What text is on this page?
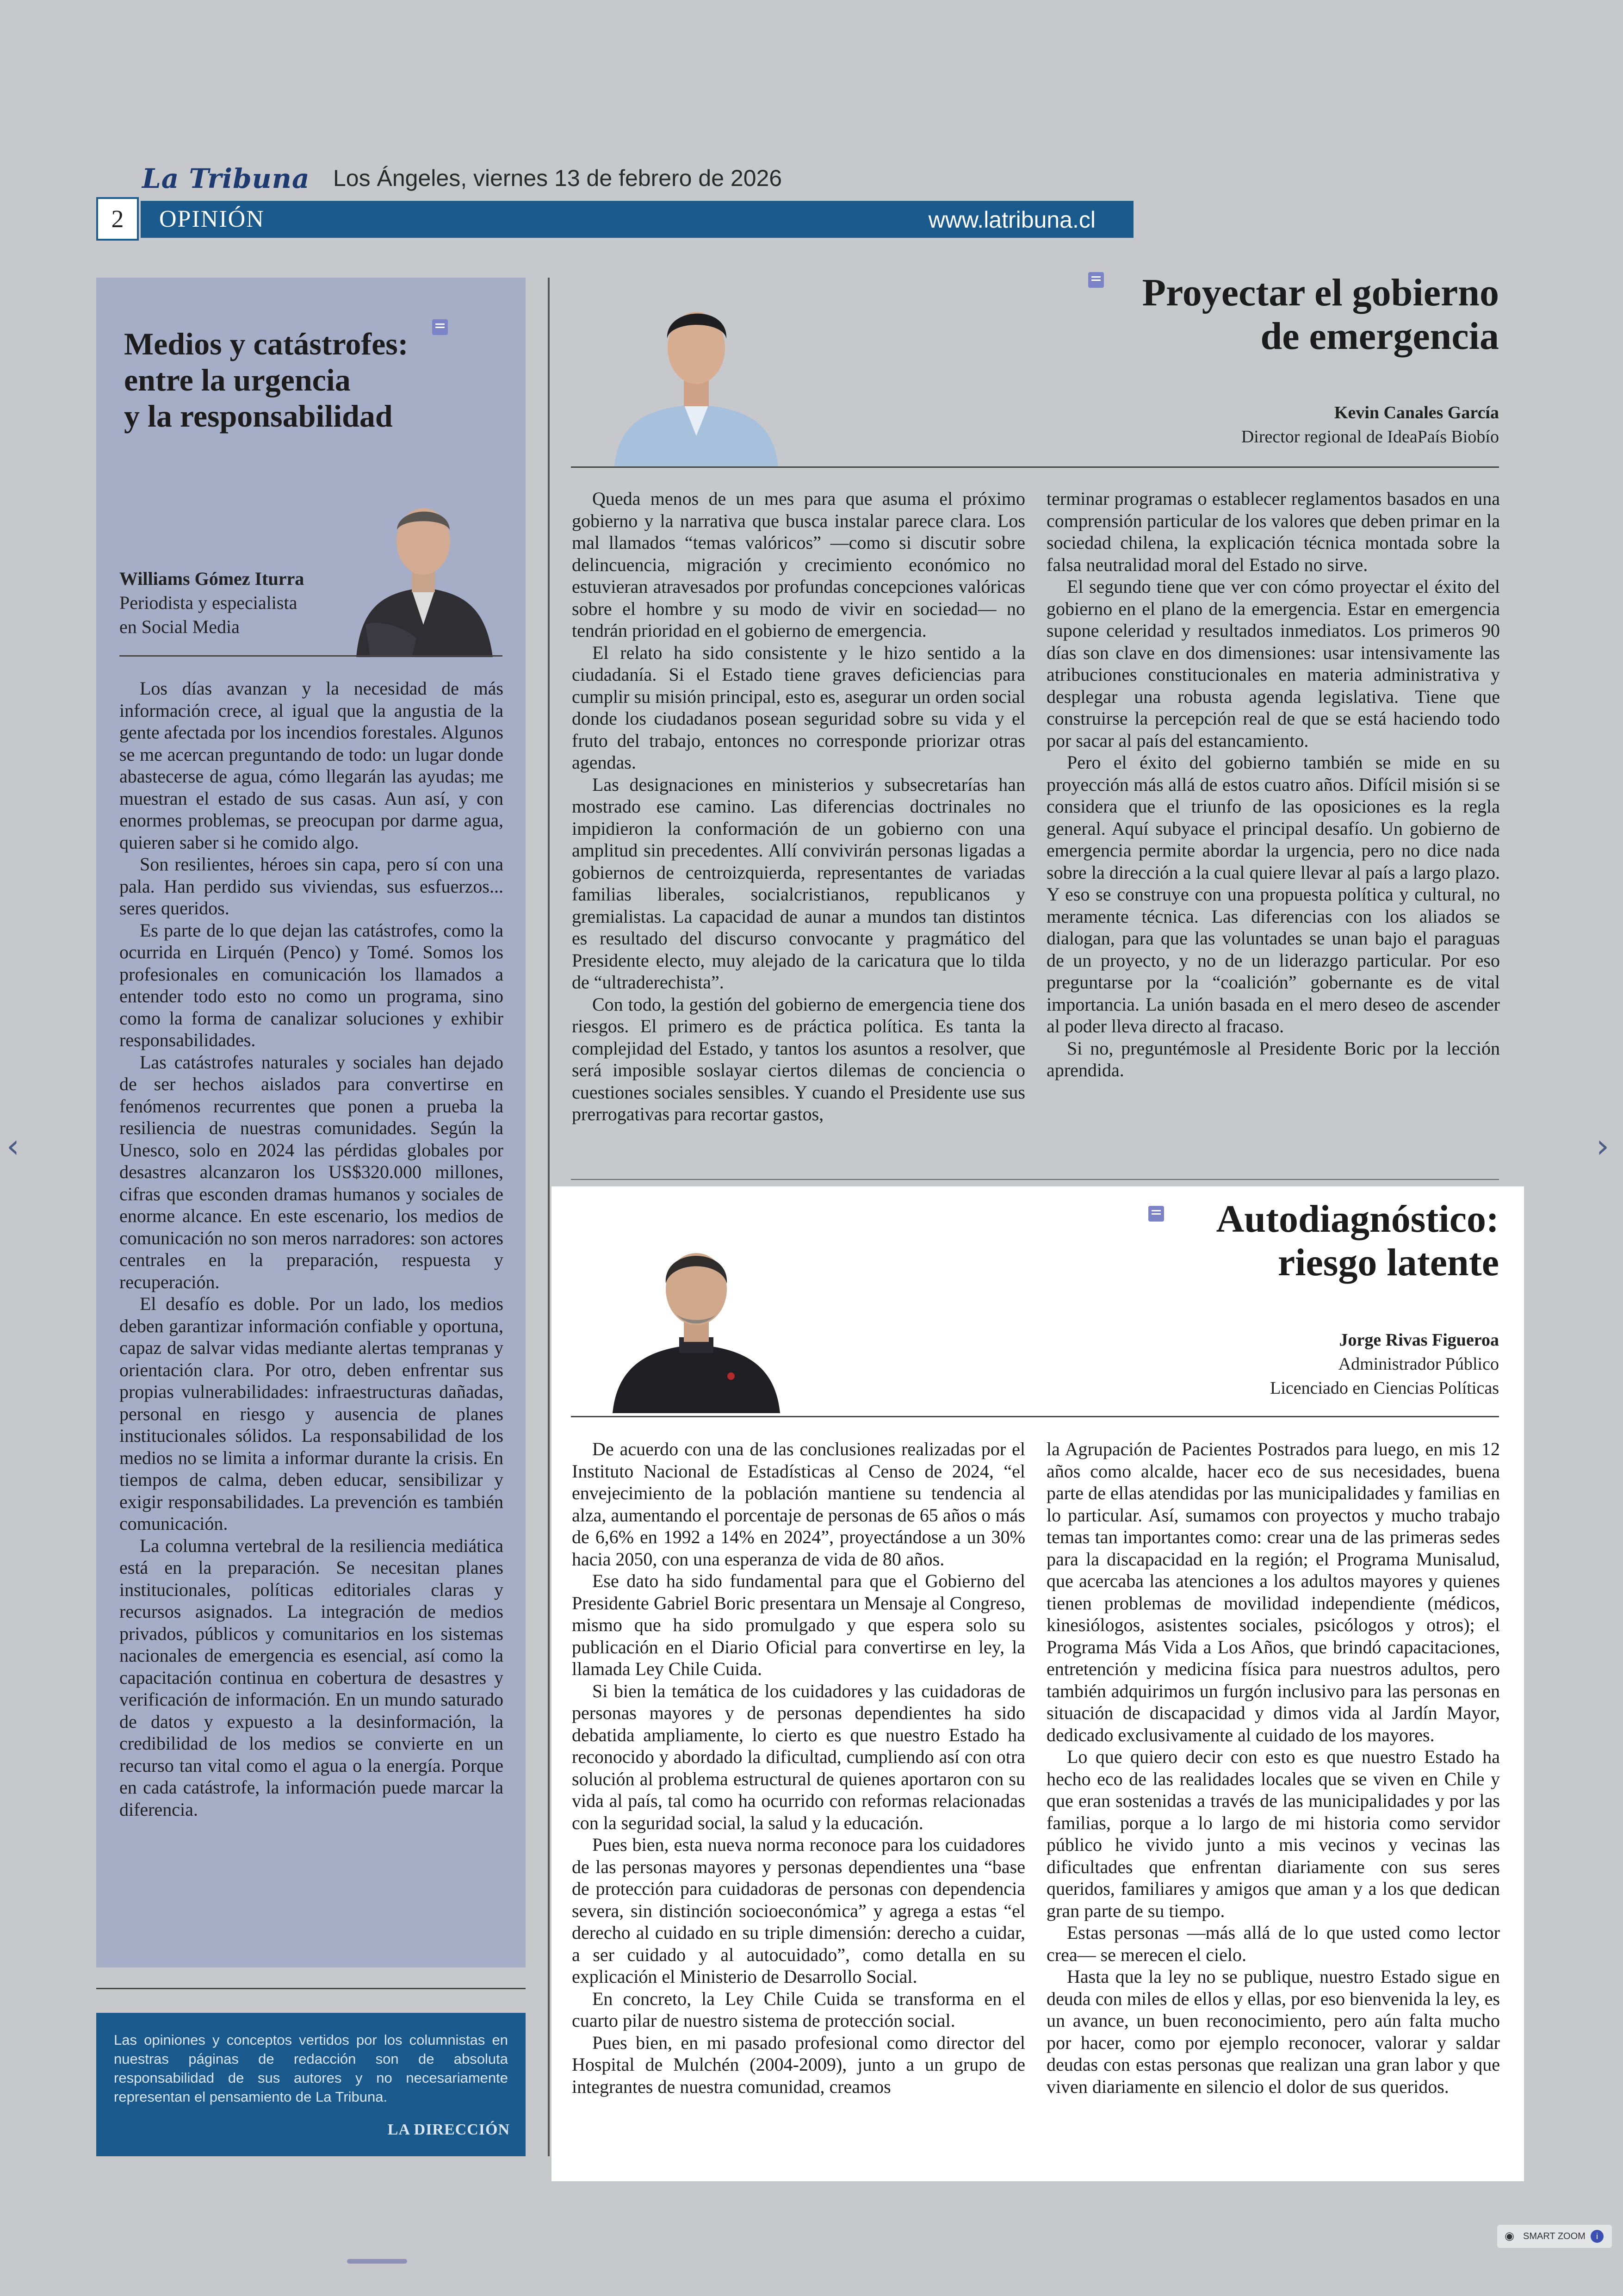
La Tribuna Los Ángeles, viernes 13 de febrero de 2026
2	OPINIÓN	www.latribuna.cl
Medios y catástrofes:
entre la urgencia
y la responsabilidad
Williams Gómez Iturra
Periodista y especialista
en Social Media

Los días avanzan y la necesidad de más información crece, al igual que la angustia de la gente afectada por los incendios forestales. Algunos se me acercan preguntando de todo: un lugar donde abastecerse de agua, cómo llegarán las ayudas; me muestran el estado de sus casas. Aun así, y con enormes problemas, se preocupan por darme agua, quieren saber si he comido algo.

Son resilientes, héroes sin capa, pero sí con una pala. Han perdido sus viviendas, sus esfuerzos... seres queridos.

Es parte de lo que dejan las catástrofes, como la ocurrida en Lirquén (Penco) y Tomé. Somos los profesionales en comunicación los llamados a entender todo esto no como un programa, sino como la forma de canalizar soluciones y exhibir responsabilidades.

Las catástrofes naturales y sociales han dejado de ser hechos aislados para convertirse en fenómenos recurrentes que ponen a prueba la resiliencia de nuestras comunidades. Según la Unesco, solo en 2024 las pérdidas globales por desastres alcanzaron los US$320.000 millones, cifras que esconden dramas humanos y sociales de enorme alcance. En este escenario, los medios de comunicación no son meros narradores: son actores centrales en la preparación, respuesta y recuperación.

El desafío es doble. Por un lado, los medios deben garantizar información confiable y oportuna, capaz de salvar vidas mediante alertas tempranas y orientación clara. Por otro, deben enfrentar sus propias vulnerabilidades: infraestructuras dañadas, personal en riesgo y ausencia de planes institucionales sólidos. La responsabilidad de los medios no se limita a informar durante la crisis. En tiempos de calma, deben educar, sensibilizar y exigir responsabilidades. La prevención es también comunicación.

La columna vertebral de la resiliencia mediática está en la preparación. Se necesitan planes institucionales, políticas editoriales claras y recursos asignados. La integración de medios privados, públicos y comunitarios en los sistemas nacionales de emergencia es esencial, así como la capacitación continua en cobertura de desastres y verificación de información. En un mundo saturado de datos y expuesto a la desinformación, la credibilidad de los medios se convierte en un recurso tan vital como el agua o la energía. Porque en cada catástrofe, la información puede marcar la diferencia.

Las opiniones y conceptos vertidos por los columnistas en nuestras páginas de redacción son de absoluta responsabilidad de sus autores y no necesariamente representan el pensamiento de La Tribuna.
LA DIRECCIÓN
Proyectar el gobierno
de emergencia
Kevin Canales García
Director regional de IdeaPaís Biobío

Queda menos de un mes para que asuma el próximo gobierno y la narrativa que busca instalar parece clara. Los mal llamados “temas valóricos” —como si discutir sobre delincuencia, migración y crecimiento económico no estuvieran atravesados por profundas concepciones valóricas sobre el hombre y su modo de vivir en sociedad— no tendrán prioridad en el gobierno de emergencia.

El relato ha sido consistente y le hizo sentido a la ciudadanía. Si el Estado tiene graves deficiencias para cumplir su misión principal, esto es, asegurar un orden social donde los ciudadanos posean seguridad sobre su vida y el fruto del trabajo, entonces no corresponde priorizar otras agendas.

Las designaciones en ministerios y subsecretarías han mostrado ese camino. Las diferencias doctrinales no impidieron la conformación de un gobierno con una amplitud sin precedentes. Allí convivirán personas ligadas a gobiernos de centroizquierda, representantes de variadas familias liberales, socialcristianos, republicanos y gremialistas. La capacidad de aunar a mundos tan distintos es resultado del discurso convocante y pragmático del Presidente electo, muy alejado de la caricatura que lo tilda de “ultraderechista”.

Con todo, la gestión del gobierno de emergencia tiene dos riesgos. El primero es de práctica política. Es tanta la complejidad del Estado, y tantos los asuntos a resolver, que será imposible soslayar ciertos dilemas de conciencia o cuestiones sociales sensibles. Y cuando el Presidente use sus prerrogativas para recortar gastos,

terminar programas o establecer reglamentos basados en una comprensión particular de los valores que deben primar en la sociedad chilena, la explicación técnica montada sobre la falsa neutralidad moral del Estado no sirve.

El segundo tiene que ver con cómo proyectar el éxito del gobierno en el plano de la emergencia. Estar en emergencia supone celeridad y resultados inmediatos. Los primeros 90 días son clave en dos dimensiones: usar intensivamente las atribuciones constitucionales en materia administrativa y desplegar una robusta agenda legislativa. Tiene que construirse la percepción real de que se está haciendo todo por sacar al país del estancamiento.

Pero el éxito del gobierno también se mide en su proyección más allá de estos cuatro años. Difícil misión si se considera que el triunfo de las oposiciones es la regla general. Aquí subyace el principal desafío. Un gobierno de emergencia permite abordar la urgencia, pero no dice nada sobre la dirección a la cual quiere llevar al país a largo plazo. Y eso se construye con una propuesta política y cultural, no meramente técnica. Las diferencias con los aliados se dialogan, para que las voluntades se unan bajo el paraguas de un proyecto, y no de un liderazgo particular. Por eso preguntarse por la “coalición” gobernante es de vital importancia. La unión basada en el mero deseo de ascender al poder lleva directo al fracaso.

Si no, preguntémosle al Presidente Boric por la lección aprendida.

Autodiagnóstico:
riesgo latente
Jorge Rivas Figueroa
Administrador Público
Licenciado en Ciencias Políticas

De acuerdo con una de las conclusiones realizadas por el Instituto Nacional de Estadísticas al Censo de 2024, “el envejecimiento de la población mantiene su tendencia al alza, aumentando el porcentaje de personas de 65 años o más de 6,6% en 1992 a 14% en 2024”, proyectándose a un 30% hacia 2050, con una esperanza de vida de 80 años.

Ese dato ha sido fundamental para que el Gobierno del Presidente Gabriel Boric presentara un Mensaje al Congreso, mismo que ha sido promulgado y que espera solo su publicación en el Diario Oficial para convertirse en ley, la llamada Ley Chile Cuida.

Si bien la temática de los cuidadores y las cuidadoras de personas mayores y de personas dependientes ha sido debatida ampliamente, lo cierto es que nuestro Estado ha reconocido y abordado la dificultad, cumpliendo así con otra solución al problema estructural de quienes aportaron con su vida al país, tal como ha ocurrido con reformas relacionadas con la seguridad social, la salud y la educación.

Pues bien, esta nueva norma reconoce para los cuidadores de las personas mayores y personas dependientes una “base de protección para cuidadoras de personas con dependencia severa, sin distinción socioeconómica” y agrega a estas “el derecho al cuidado en su triple dimensión: derecho a cuidar, a ser cuidado y al autocuidado”, como detalla en su explicación el Ministerio de Desarrollo Social.

En concreto, la Ley Chile Cuida se transforma en el cuarto pilar de nuestro sistema de protección social.

Pues bien, en mi pasado profesional como director del Hospital de Mulchén (2004-2009), junto a un grupo de integrantes de nuestra comunidad, creamos

la Agrupación de Pacientes Postrados para luego, en mis 12 años como alcalde, hacer eco de sus necesidades, buena parte de ellas atendidas por las municipalidades y familias en lo particular. Así, sumamos con proyectos y mucho trabajo temas tan importantes como: crear una de las primeras sedes para la discapacidad en la región; el Programa Munisalud, que acercaba las atenciones a los adultos mayores y quienes tienen problemas de movilidad independiente (médicos, kinesiólogos, asistentes sociales, psicólogos y otros); el Programa Más Vida a Los Años, que brindó capacitaciones, entretención y medicina física para nuestros adultos, pero también adquirimos un furgón inclusivo para las personas en situación de discapacidad y dimos vida al Jardín Mayor, dedicado exclusivamente al cuidado de los mayores.

Lo que quiero decir con esto es que nuestro Estado ha hecho eco de las realidades locales que se viven en Chile y que eran sostenidas a través de las municipalidades y por las familias, porque a lo largo de mi historia como servidor público he vivido junto a mis vecinos y vecinas las dificultades que enfrentan diariamente con sus seres queridos, familiares y amigos que aman y a los que dedican gran parte de su tiempo.

Estas personas —más allá de lo que usted como lector crea— se merecen el cielo.

Hasta que la ley no se publique, nuestro Estado sigue en deuda con miles de ellos y ellas, por eso bienvenida la ley, es un avance, un buen reconocimiento, pero aún falta mucho por hacer, como por ejemplo reconocer, valorar y saldar deudas con estas personas que realizan una gran labor y que viven diariamente en silencio el dolor de sus queridos.

‹	›
◉ SMART ZOOM	i
